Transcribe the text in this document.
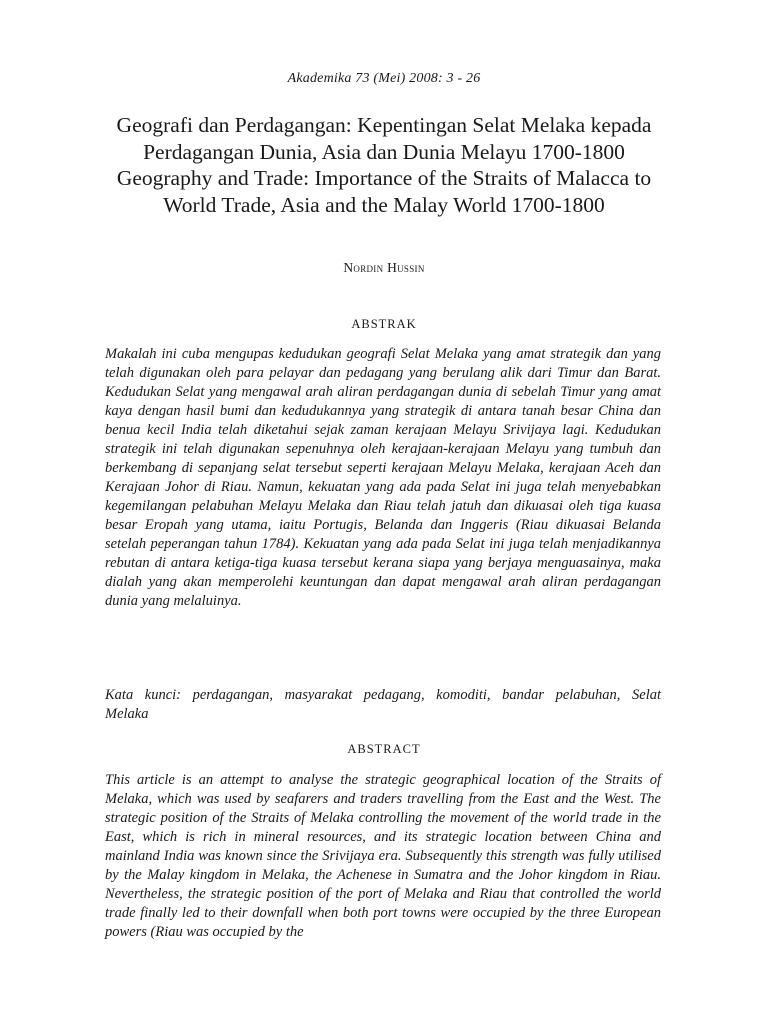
Akademika 73 (Mei) 2008: 3 - 26
Geografi dan Perdagangan: Kepentingan Selat Melaka kepada Perdagangan Dunia, Asia dan Dunia Melayu 1700-1800
Geography and Trade: Importance of the Straits of Malacca to World Trade, Asia and the Malay World 1700-1800
Nordin Hussin
ABSTRAK

Makalah ini cuba mengupas kedudukan geografi Selat Melaka yang amat strategik dan yang telah digunakan oleh para pelayar dan pedagang yang berulang alik dari Timur dan Barat. Kedudukan Selat yang mengawal arah aliran perdagangan dunia di sebelah Timur yang amat kaya dengan hasil bumi dan kedudukannya yang strategik di antara tanah besar China dan benua kecil India telah diketahui sejak zaman kerajaan Melayu Srivijaya lagi. Kedudukan strategik ini telah digunakan sepenuhnya oleh kerajaan-kerajaan Melayu yang tumbuh dan berkembang di sepanjang selat tersebut seperti kerajaan Melayu Melaka, kerajaan Aceh dan Kerajaan Johor di Riau. Namun, kekuatan yang ada pada Selat ini juga telah menyebabkan kegemilangan pelabuhan Melayu Melaka dan Riau telah jatuh dan dikuasai oleh tiga kuasa besar Eropah yang utama, iaitu Portugis, Belanda dan Inggeris (Riau dikuasai Belanda setelah peperangan tahun 1784). Kekuatan yang ada pada Selat ini juga telah menjadikannya rebutan di antara ketiga-tiga kuasa tersebut kerana siapa yang berjaya menguasainya, maka dialah yang akan memperolehi keuntungan dan dapat mengawal arah aliran perdagangan dunia yang melaluinya.

Kata kunci: perdagangan, masyarakat pedagang, komoditi, bandar pelabuhan, Selat Melaka

ABSTRACT

This article is an attempt to analyse the strategic geographical location of the Straits of Melaka, which was used by seafarers and traders travelling from the East and the West. The strategic position of the Straits of Melaka controlling the movement of the world trade in the East, which is rich in mineral resources, and its strategic location between China and mainland India was known since the Srivijaya era. Subsequently this strength was fully utilised by the Malay kingdom in Melaka, the Achenese in Sumatra and the Johor kingdom in Riau. Nevertheless, the strategic position of the port of Melaka and Riau that controlled the world trade finally led to their downfall when both port towns were occupied by the three European powers (Riau was occupied by the
